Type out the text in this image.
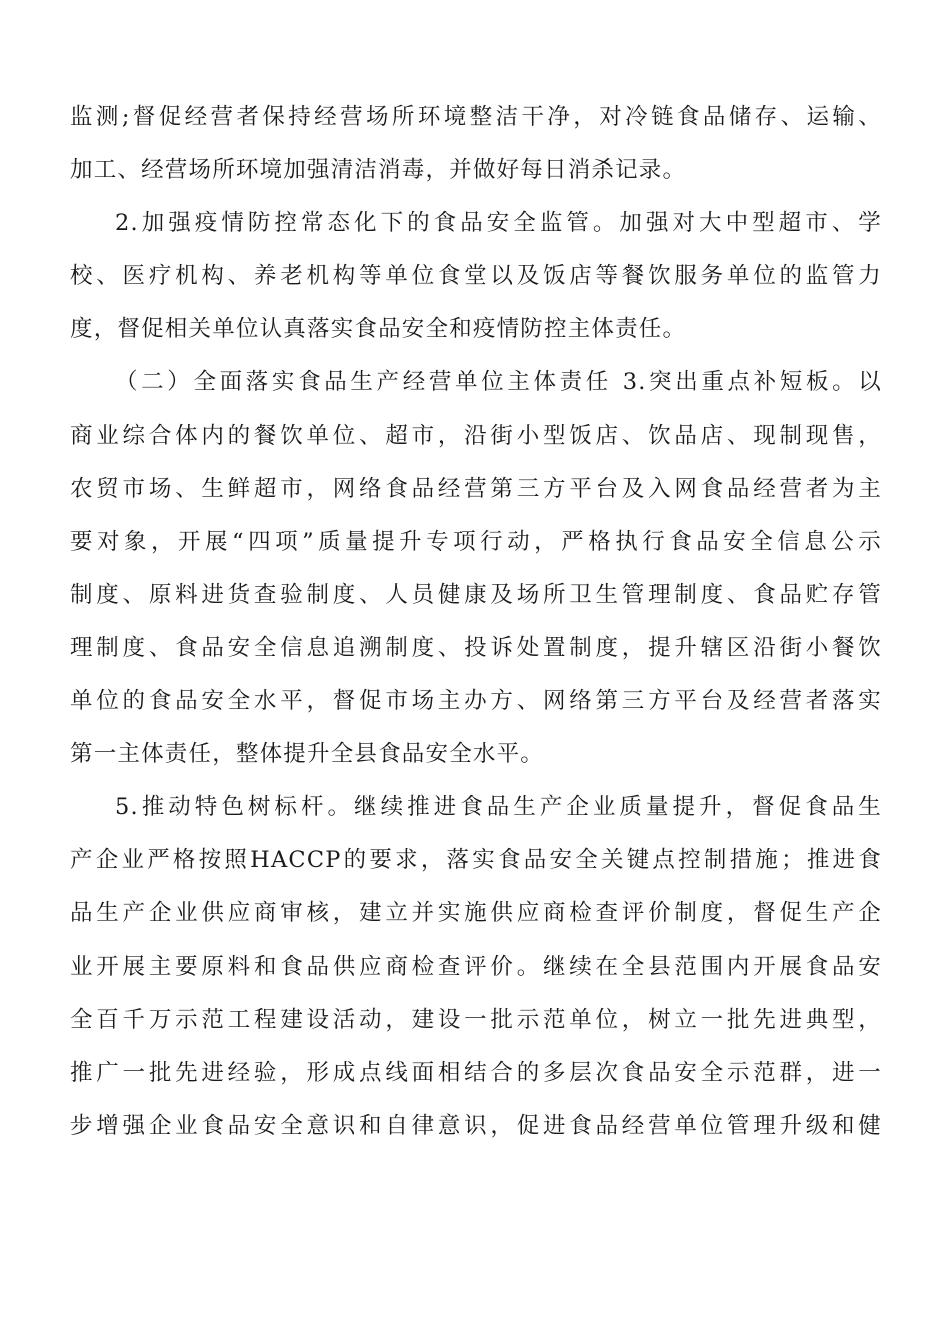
监测;督促经营者保持经营场所环境整洁干净，对冷链食品储存、运输、
加工、经营场所环境加强清洁消毒，并做好每日消杀记录。
2.加强疫情防控常态化下的食品安全监管。加强对大中型超市、学
校、医疗机构、养老机构等单位食堂以及饭店等餐饮服务单位的监管力
度，督促相关单位认真落实食品安全和疫情防控主体责任。
（二）全面落实食品生产经营单位主体责任 3.突出重点补短板。以
商业综合体内的餐饮单位、超市，沿街小型饭店、饮品店、现制现售，
农贸市场、生鲜超市，网络食品经营第三方平台及入网食品经营者为主
要对象，开展“四项”质量提升专项行动，严格执行食品安全信息公示
制度、原料进货查验制度、人员健康及场所卫生管理制度、食品贮存管
理制度、食品安全信息追溯制度、投诉处置制度，提升辖区沿街小餐饮
单位的食品安全水平，督促市场主办方、网络第三方平台及经营者落实
第一主体责任，整体提升全县食品安全水平。
5.推动特色树标杆。继续推进食品生产企业质量提升，督促食品生
产企业严格按照HACCP的要求，落实食品安全关键点控制措施；推进食
品生产企业供应商审核，建立并实施供应商检查评价制度，督促生产企
业开展主要原料和食品供应商检查评价。继续在全县范围内开展食品安
全百千万示范工程建设活动，建设一批示范单位，树立一批先进典型，
推广一批先进经验，形成点线面相结合的多层次食品安全示范群，进一
步增强企业食品安全意识和自律意识，促进食品经营单位管理升级和健
